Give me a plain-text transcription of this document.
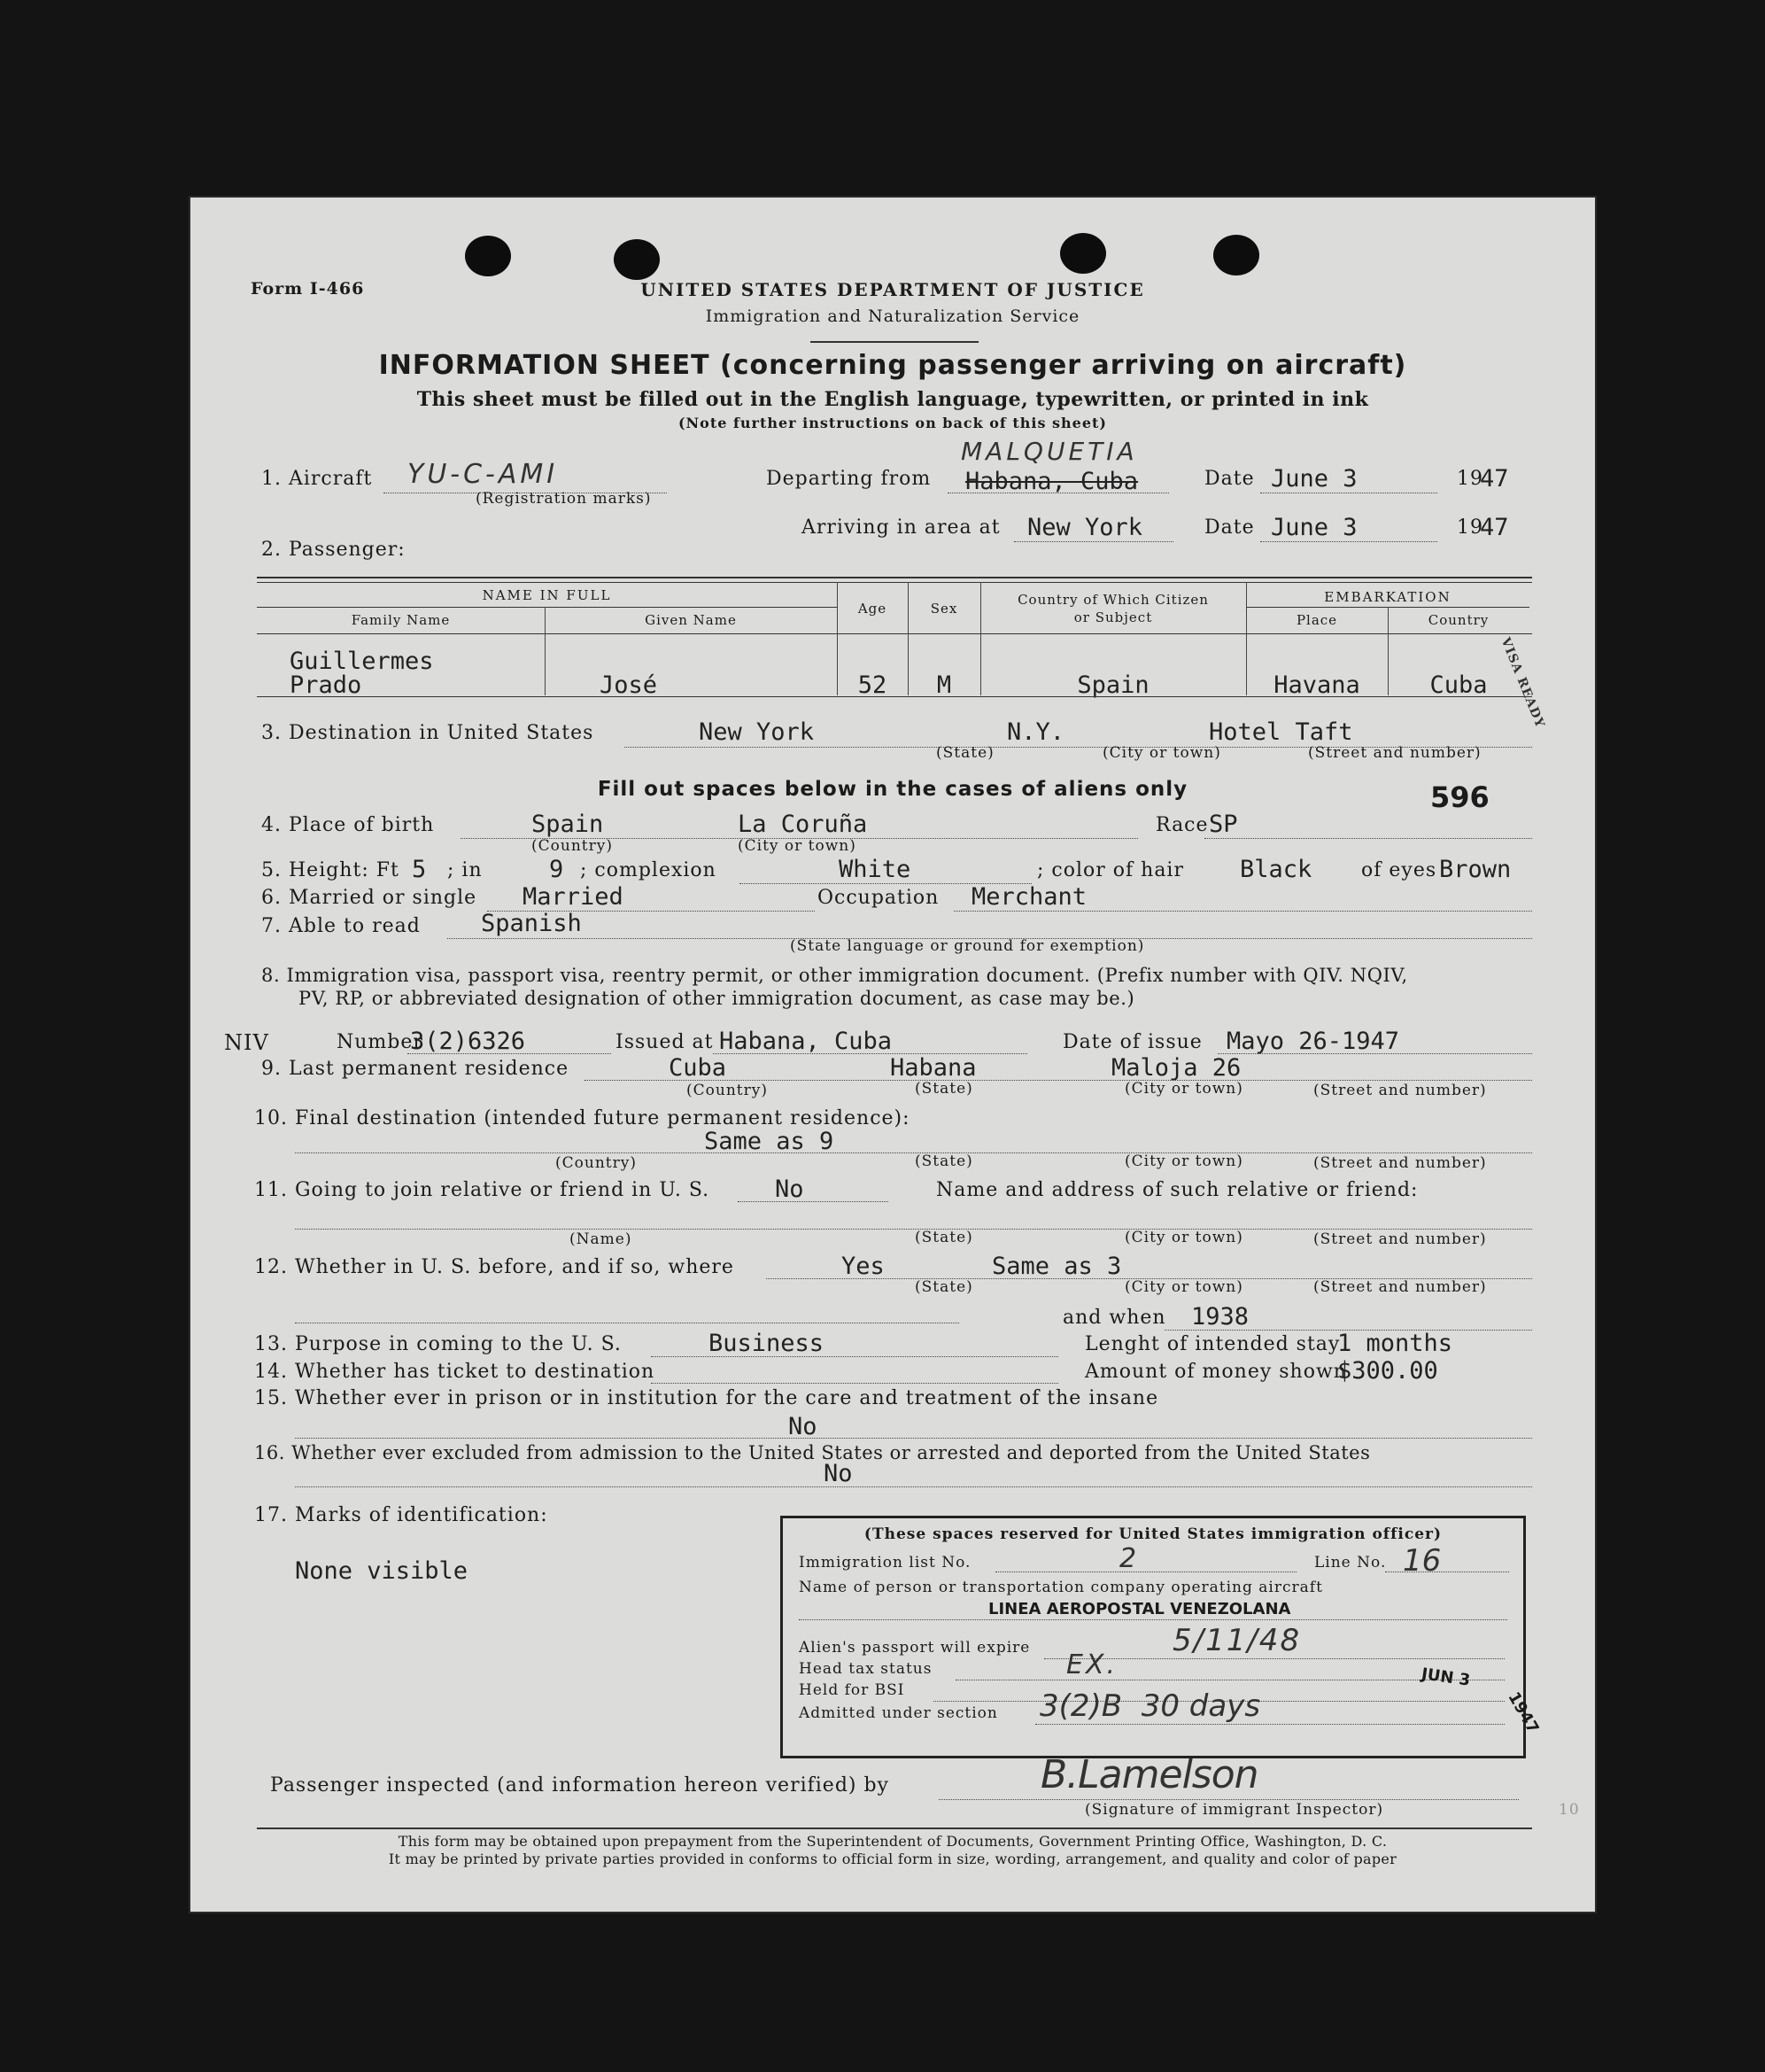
Form I-466	UNITED STATES DEPARTMENT OF JUSTICE
Immigration and Naturalization Service
INFORMATION SHEET (concerning passenger arriving on aircraft)
This sheet must be filled out in the English language, typewritten, or printed in ink
(Note further instructions on back of this sheet)
1. Aircraft YU-C-AMI
(Registration marks)
Departing from
MALQUETIA
Habana, Cuba	Date June 3	19
47
Arriving in area at New York	Date June 3	19
47
2. Passenger:
NAME IN FULL
Family Name	Given Name
Age	Sex
Country of Which Citizen
or Subject
EMBARKATION
Place	Country
Guillermes
Prado	José	52	M	Spain	Havana	Cuba VISA READY
3. Destination in United States	New York	N.Y.	Hotel Taft
(State)	(City or town)	(Street and number)
Fill out spaces below in the cases of aliens only	596
4. Place of birth	Spain	La Coruña
(Country)	(City or town)
Race SP
5. Height: Ft 5 ; in	9 ; complexion	White	; color of hair Black	of eyes Brown
6. Married or single Married	Occupation Merchant
7. Able to read	Spanish
(State language or ground for exemption)
8. Immigration visa, passport visa, reentry permit, or other immigration document. (Prefix number with QIV. NQIV,
PV, RP, or abbreviated designation of other immigration document, as case may be.)
NIV	Number
3(2)6326	Issued at Habana, Cuba	Date of issue Mayo 26-1947
9. Last permanent residence	Cuba	Habana	Maloja 26
(Country)	(State)	(City or town)	(Street and number)
10. Final destination (intended future permanent residence):
Same as 9
(Country)	(State)	(City or town)	(Street and number)
11. Going to join relative or friend in U. S.	No	Name and address of such relative or friend:
(Name)	(State)	(City or town)	(Street and number)
12. Whether in U. S. before, and if so, where	Yes	Same as 3
(State)	(City or town)	(Street and number)
and when 1938
13. Purpose in coming to the U. S.	Business	Lenght of intended stay
1 months
14. Whether has ticket to destination	Amount of money shown
$300.00
15. Whether ever in prison or in institution for the care and treatment of the insane
No
16. Whether ever excluded from admission to the United States or arrested and deported from the United States
No
17. Marks of identification:
None visible
(These spaces reserved for United States immigration officer)
Immigration list No.	2	Line No. 16
Name of person or transportation company operating aircraft
LINEA AEROPOSTAL VENEZOLANA
Alien's passport will expire	5/11/48
Head tax status	EX.
Held for BSI
Admitted under section 3(2)B  30 days
JUN 3
1947
Passenger inspected (and information hereon verified) by	B.Lamelson
(Signature of immigrant Inspector)	10
This form may be obtained upon prepayment from the Superintendent of Documents, Government Printing Office, Washington, D. C.
It may be printed by private parties provided in conforms to official form in size, wording, arrangement, and quality and color of paper
